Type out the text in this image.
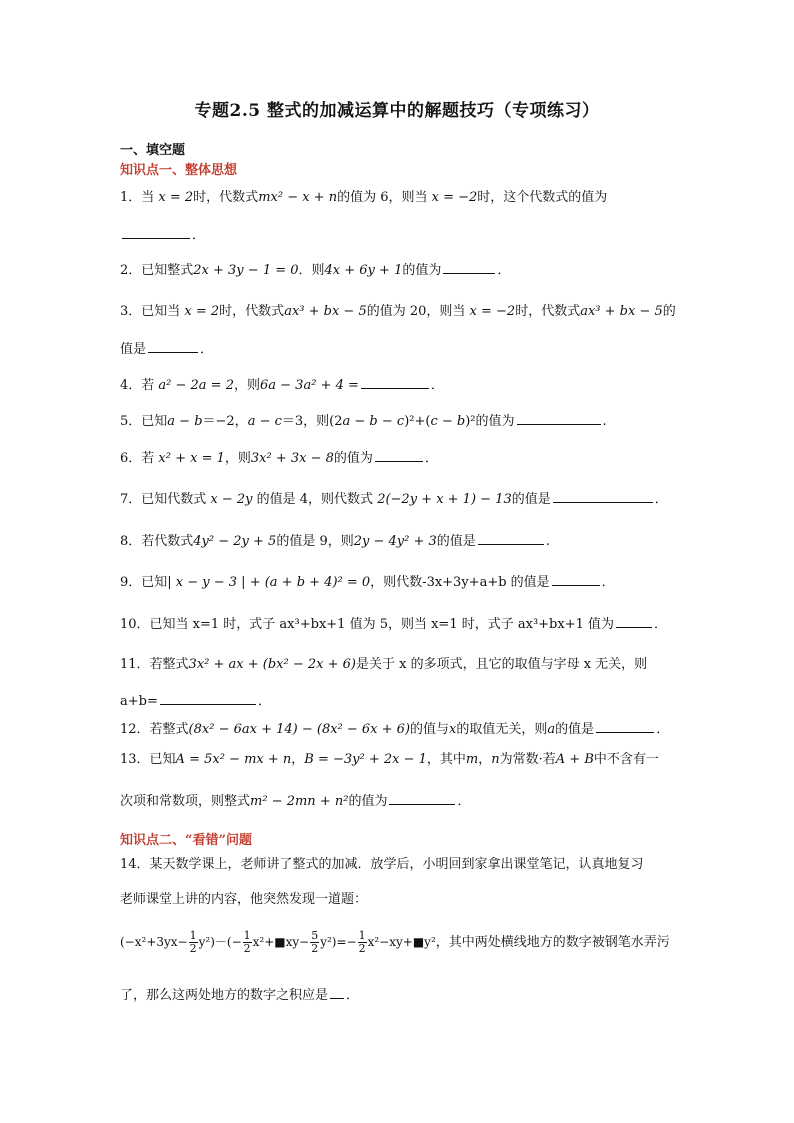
专题2.5 整式的加减运算中的解题技巧（专项练习）
一、填空题
知识点一、整体思想
1．当 x = 2时，代数式mx² − x + n的值为 6，则当 x = −2时，这个代数式的值为
．
2．已知整式2x + 3y − 1 = 0．则4x + 6y + 1的值为	．
3．已知当 x = 2时，代数式ax³ + bx − 5的值为 20，则当 x = −2时，代数式ax³ + bx − 5的
值是	．
4．若 a² − 2a = 2，则6a − 3a² + 4 =	．
5．已知a − b＝−2，a − c＝3，则(2a − b − c)²+(c − b)²的值为	.
6．若 x² + x = 1，则3x² + 3x − 8的值为	．
7．已知代数式 x − 2y 的值是 4，则代数式 2(−2y + x + 1) − 13的值是	．
8．若代数式4y² − 2y + 5的值是 9，则2y − 4y² + 3的值是	.
9．已知| x − y − 3 | + (a + b + 4)² = 0，则代数-3x+3y+a+b 的值是	．
10．已知当 x=1 时，式子 ax³+bx+1 值为 5，则当 x=1 时，式子 ax³+bx+1 值为	．
11．若整式3x² + ax + (bx² − 2x + 6)是关于 x 的多项式，且它的取值与字母 x 无关，则
a+b=	．
12．若整式(8x² − 6ax + 14) − (8x² − 6x + 6)的值与x的取值无关，则a的值是	．
13．已知A = 5x² − mx + n，B = −3y² + 2x − 1，其中m，n为常数·若A + B中不含有一
次项和常数项，则整式m² − 2mn + n²的值为	．
知识点二、“看错”问题
14．某天数学课上，老师讲了整式的加减．放学后，小明回到家拿出课堂笔记，认真地复习
老师课堂上讲的内容，他突然发现一道题：
$(-x^2+3yx- \frac{1}{2} y^2)-(- \frac{1}{2}$ x²+■xy− $\frac{5}{2} y^2)=- \frac{1}{2}$ x²−xy+■y²，其中两处横线地方的数字被钢笔水弄污
了，那么这两处地方的数字之积应是 ．
